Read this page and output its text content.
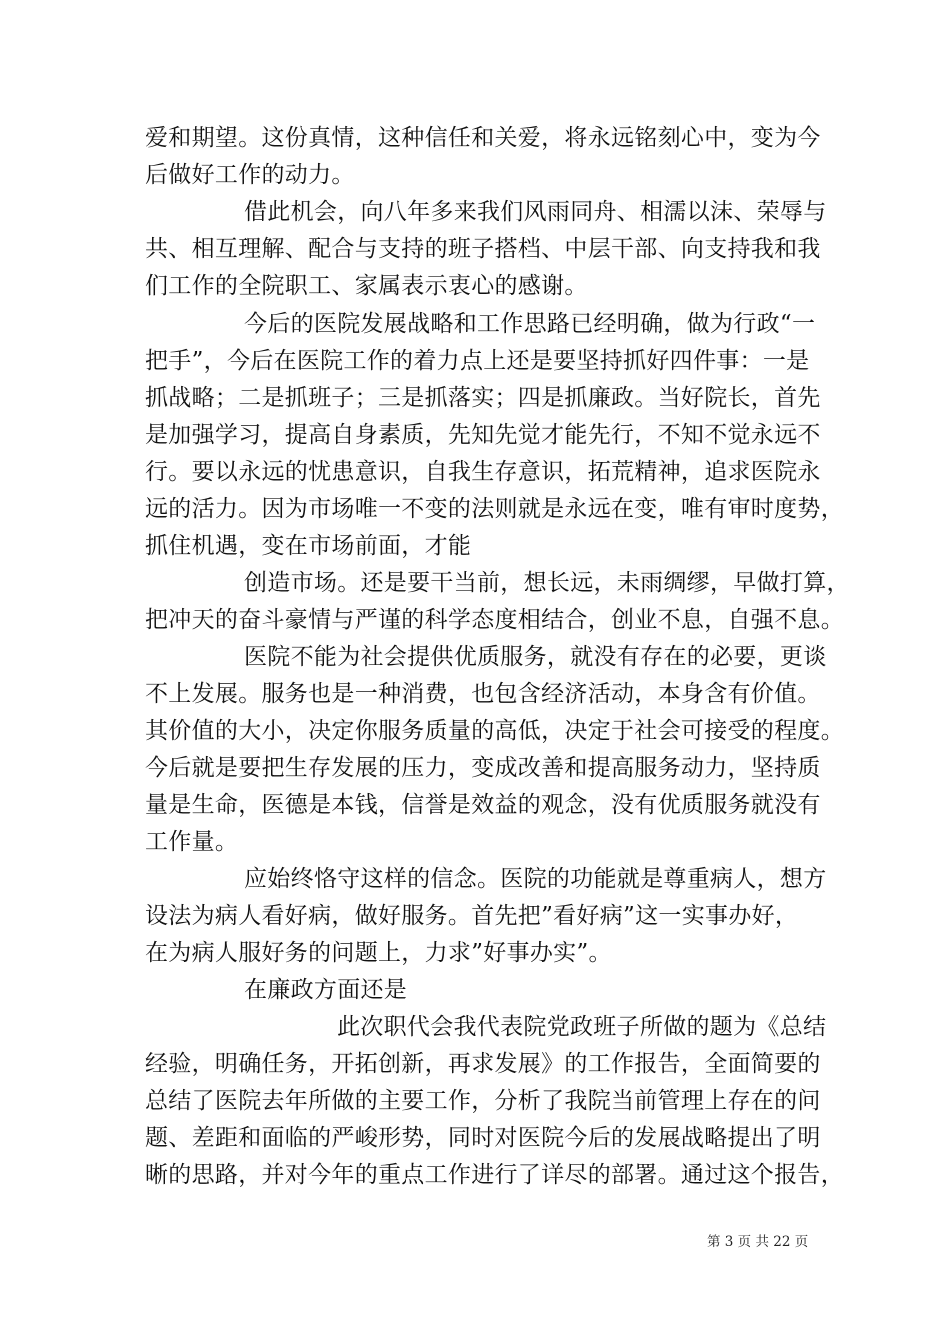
爱和期望。这份真情，这种信任和关爱，将永远铭刻心中，变为今
后做好工作的动力。
借此机会，向八年多来我们风雨同舟、相濡以沫、荣辱与
共、相互理解、配合与支持的班子搭档、中层干部、向支持我和我
们工作的全院职工、家属表示衷心的感谢。
今后的医院发展战略和工作思路已经明确，做为行政“一
把手”，今后在医院工作的着力点上还是要坚持抓好四件事：一是
抓战略；二是抓班子；三是抓落实；四是抓廉政。当好院长，首先
是加强学习，提高自身素质，先知先觉才能先行，不知不觉永远不
行。要以永远的忧患意识，自我生存意识，拓荒精神，追求医院永
远的活力。因为市场唯一不变的法则就是永远在变，唯有审时度势，
抓住机遇，变在市场前面，才能
创造市场。还是要干当前，想长远，未雨绸缪，早做打算，
把冲天的奋斗豪情与严谨的科学态度相结合，创业不息，自强不息。
医院不能为社会提供优质服务，就没有存在的必要，更谈
不上发展。服务也是一种消费，也包含经济活动，本身含有价值。
其价值的大小，决定你服务质量的高低，决定于社会可接受的程度。
今后就是要把生存发展的压力，变成改善和提高服务动力，坚持质
量是生命，医德是本钱，信誉是效益的观念，没有优质服务就没有
工作量。
应始终恪守这样的信念。医院的功能就是尊重病人，想方
设法为病人看好病，做好服务。首先把”看好病”这一实事办好，
在为病人服好务的问题上，力求”好事办实”。
在廉政方面还是
此次职代会我代表院党政班子所做的题为《总结
经验，明确任务，开拓创新，再求发展》的工作报告，全面简要的
总结了医院去年所做的主要工作，分析了我院当前管理上存在的问
题、差距和面临的严峻形势，同时对医院今后的发展战略提出了明
晰的思路，并对今年的重点工作进行了详尽的部署。通过这个报告，
第 3 页 共 22 页
